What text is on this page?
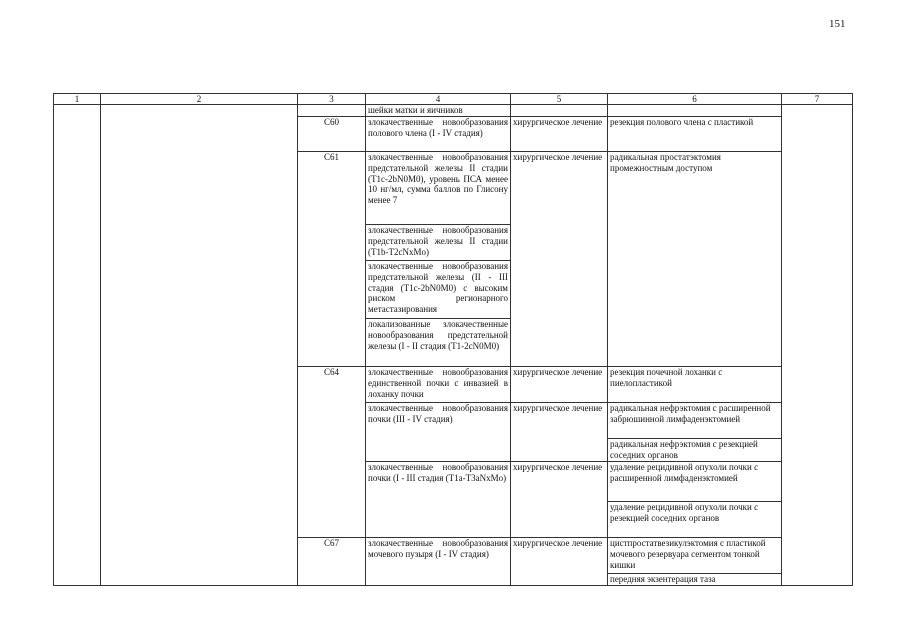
151
1	2	3	4	5	6	7
			шейки матки и яичников			
		С60	злокачественные новообразования полового члена (I - IV стадия)	хирургическое лечение	резекция полового члена с пластикой	
		С61	злокачественные новообразования предстательной железы II стадии (T1c-2bN0M0), уровень ПСА менее 10 нг/мл, сумма баллов по Глисону менее 7	хирургическое лечение	радикальная простатэктомия промежностным доступом	
			злокачественные новообразования предстательной железы II стадии (T1b-T2cNxMo)			
			злокачественные новообразования предстательной железы (II - III стадия (T1c-2bN0M0) с высоким риском регионарного метастазирования			
			локализованные злокачественные новообразования предстательной железы (I - II стадия (T1-2cN0M0)			
		С64	злокачественные новообразования единственной почки с инвазией в лоханку почки	хирургическое лечение	резекция почечной лоханки с пиелопластикой	
			злокачественные новообразования почки (III - IV стадия)	хирургическое лечение	радикальная нефрэктомия с расширенной забрюшинной лимфаденэктомией	
					радикальная нефрэктомия с резекцией соседних органов	
			злокачественные новообразования почки (I - III стадия (T1a-T3aNxMo)	хирургическое лечение	удаление рецидивной опухоли почки с расширенной лимфаденэктомией	
					удаление рецидивной опухоли почки с резекцией соседних органов	
		С67	злокачественные новообразования мочевого пузыря (I - IV стадия)	хирургическое лечение	цистпростатвезикулэктомия с пластикой мочевого резервуара сегментом тонкой кишки	
					передняя экзентерация таза	
